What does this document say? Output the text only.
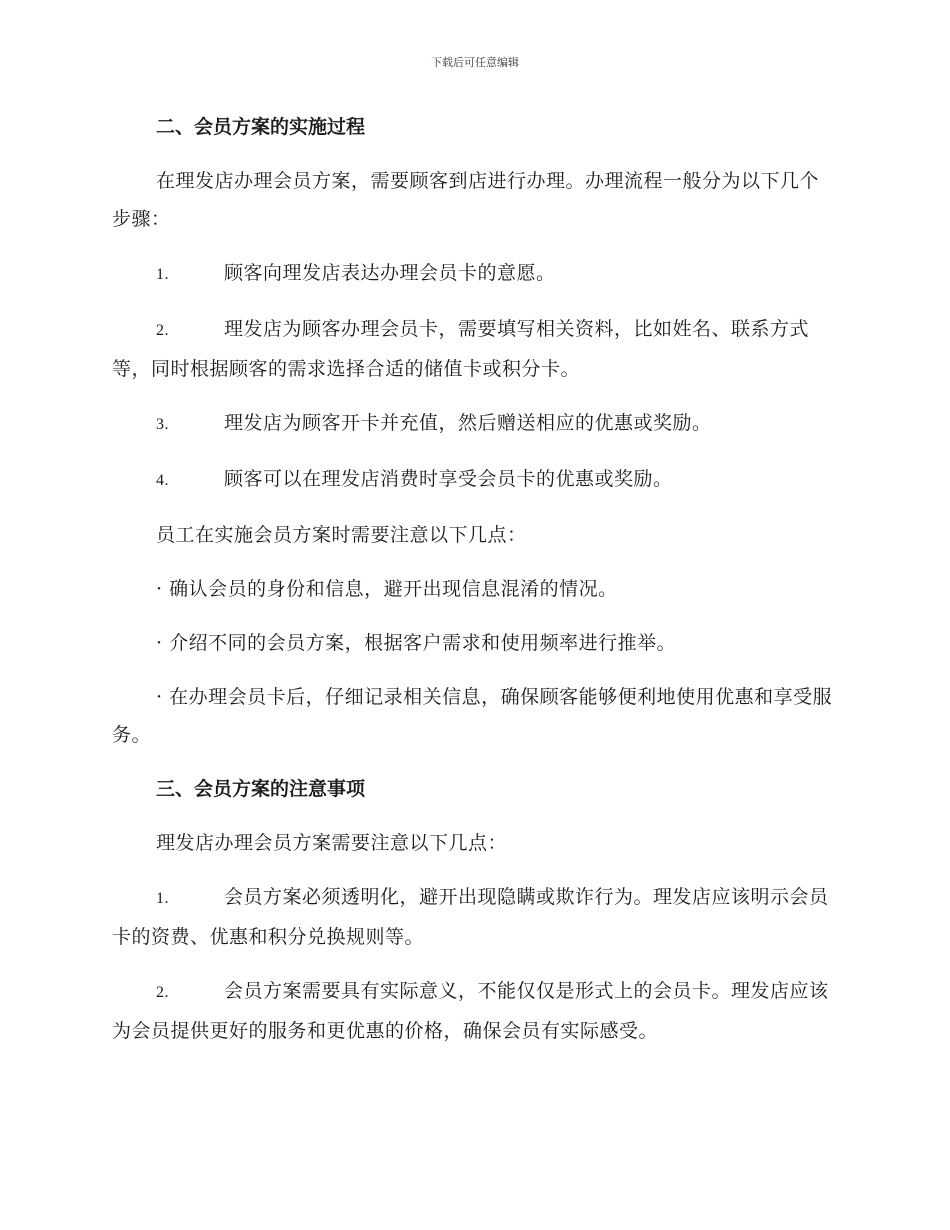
下载后可任意编辑
二、会员方案的实施过程

在理发店办理会员方案，需要顾客到店进行办理。办理流程一般分为以下几个步骤：

1.	顾客向理发店表达办理会员卡的意愿。

2.	理发店为顾客办理会员卡，需要填写相关资料，比如姓名、联系方式等，同时根据顾客的需求选择合适的储值卡或积分卡。

3.	理发店为顾客开卡并充值，然后赠送相应的优惠或奖励。

4.	顾客可以在理发店消费时享受会员卡的优惠或奖励。

员工在实施会员方案时需要注意以下几点：

· 确认会员的身份和信息，避开出现信息混淆的情况。

· 介绍不同的会员方案，根据客户需求和使用频率进行推举。

· 在办理会员卡后，仔细记录相关信息，确保顾客能够便利地使用优惠和享受服务。

三、会员方案的注意事项

理发店办理会员方案需要注意以下几点：

1.	会员方案必须透明化，避开出现隐瞒或欺诈行为。理发店应该明示会员卡的资费、优惠和积分兑换规则等。

2.	会员方案需要具有实际意义，不能仅仅是形式上的会员卡。理发店应该为会员提供更好的服务和更优惠的价格，确保会员有实际感受。
